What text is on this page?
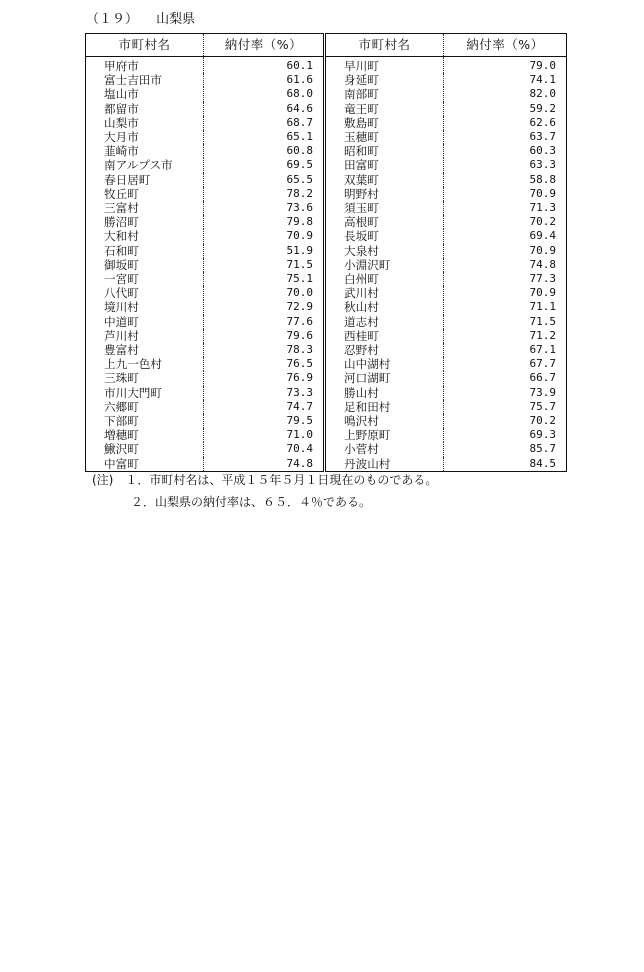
（１９） 山梨県
市町村名	納付率（%）	市町村名	納付率（%）
甲府市	60.1	早川町	79.0
富士吉田市	61.6	身延町	74.1
塩山市	68.0	南部町	82.0
都留市	64.6	竜王町	59.2
山梨市	68.7	敷島町	62.6
大月市	65.1	玉穂町	63.7
韮崎市	60.8	昭和町	60.3
南アルプス市	69.5	田富町	63.3
春日居町	65.5	双葉町	58.8
牧丘町	78.2	明野村	70.9
三富村	73.6	須玉町	71.3
勝沼町	79.8	高根町	70.2
大和村	70.9	長坂町	69.4
石和町	51.9	大泉村	70.9
御坂町	71.5	小淵沢町	74.8
一宮町	75.1	白州町	77.3
八代町	70.0	武川村	70.9
境川村	72.9	秋山村	71.1
中道町	77.6	道志村	71.5
芦川村	79.6	西桂町	71.2
豊富村	78.3	忍野村	67.1
上九一色村	76.5	山中湖村	67.7
三珠町	76.9	河口湖町	66.7
市川大門町	73.3	勝山村	73.9
六郷町	74.7	足和田村	75.7
下部町	79.5	鳴沢村	70.2
増穂町	71.0	上野原町	69.3
鰍沢町	70.4	小菅村	85.7
中富町	74.8	丹波山村	84.5
(注) １．市町村名は、平成１５年５月１日現在のものである。
２．山梨県の納付率は、６５．４％である。
